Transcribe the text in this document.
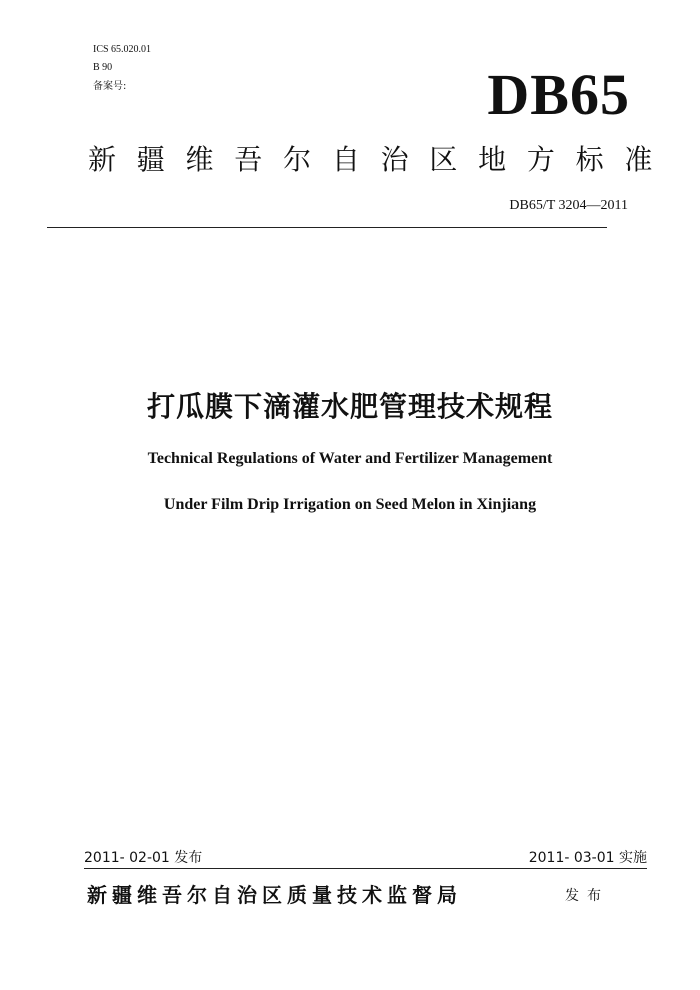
ICS 65.020.01
B 90
备案号:	DB65
新 疆 维 吾 尔 自 治 区 地 方 标 准
DB65/T 3204—2011
打瓜膜下滴灌水肥管理技术规程
Technical Regulations of Water and Fertilizer Management
Under Film Drip Irrigation on Seed Melon in Xinjiang
2011- 02-01 发布	2011- 03-01 实施
新疆维吾尔自治区质量技术监督局	发布
